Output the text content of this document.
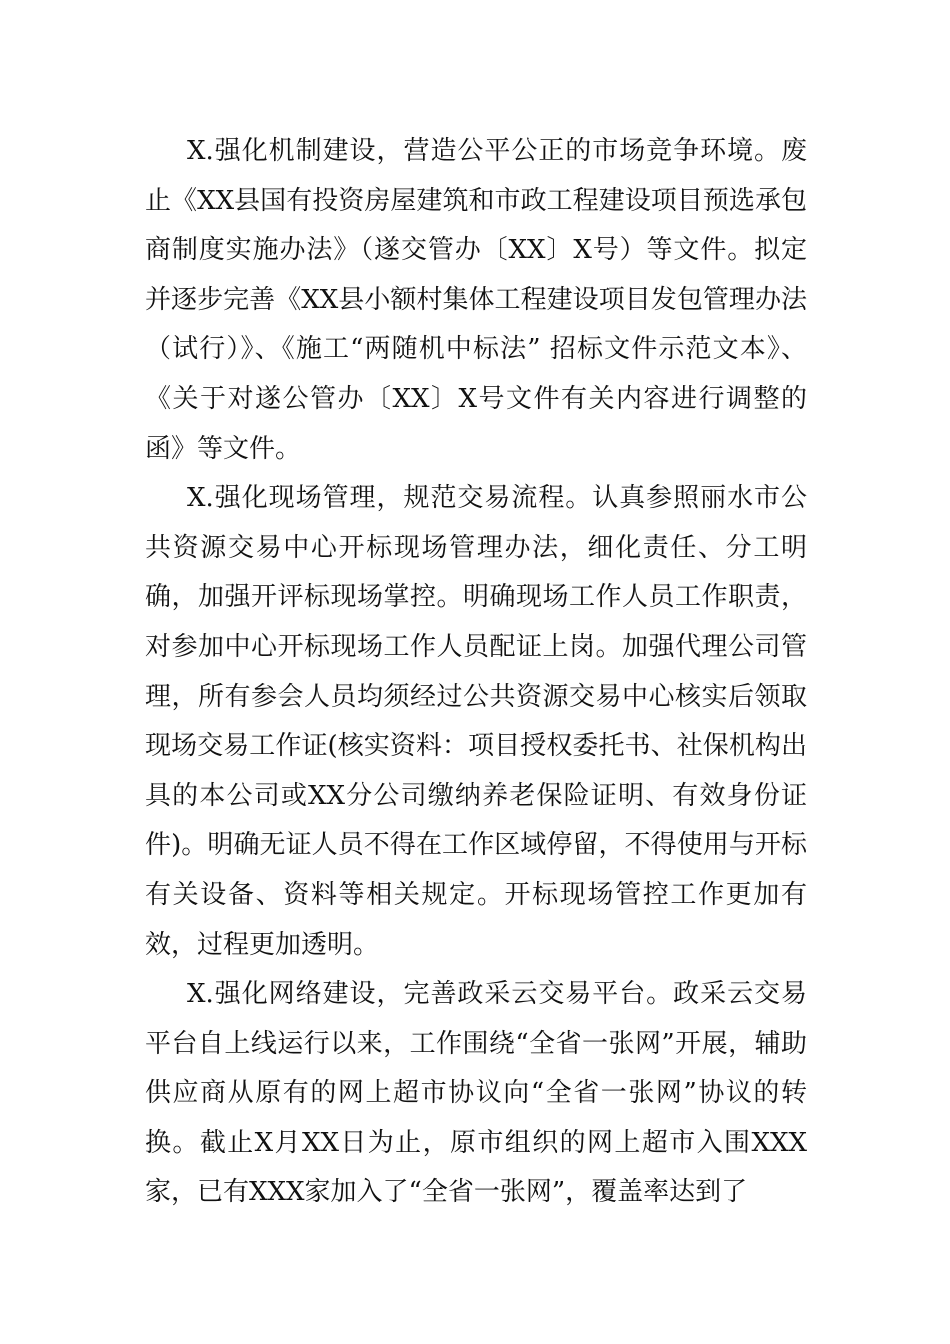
X.强化机制建设，营造公平公正的市场竞争环境。废止《XX县国有投资房屋建筑和市政工程建设项目预选承包商制度实施办法》（遂交管办〔XX〕X号）等文件。拟定并逐步完善《XX县小额村集体工程建设项目发包管理办法（试行）》、《施工“两随机中标法” 招标文件示范文本》、《关于对遂公管办〔XX〕X号文件有关内容进行调整的函》等文件。

X.强化现场管理，规范交易流程。认真参照丽水市公共资源交易中心开标现场管理办法，细化责任、分工明确，加强开评标现场掌控。明确现场工作人员工作职责，对参加中心开标现场工作人员配证上岗。加强代理公司管理，所有参会人员均须经过公共资源交易中心核实后领取现场交易工作证(核实资料：项目授权委托书、社保机构出具的本公司或XX分公司缴纳养老保险证明、有效身份证件)。明确无证人员不得在工作区域停留，不得使用与开标有关设备、资料等相关规定。开标现场管控工作更加有效，过程更加透明。

X.强化网络建设，完善政采云交易平台。政采云交易平台自上线运行以来，工作围绕“全省一张网”开展，辅助供应商从原有的网上超市协议向“全省一张网”协议的转换。截止X月XX日为止，原市组织的网上超市入围XXX家，已有XXX家加入了“全省一张网”，覆盖率达到了
